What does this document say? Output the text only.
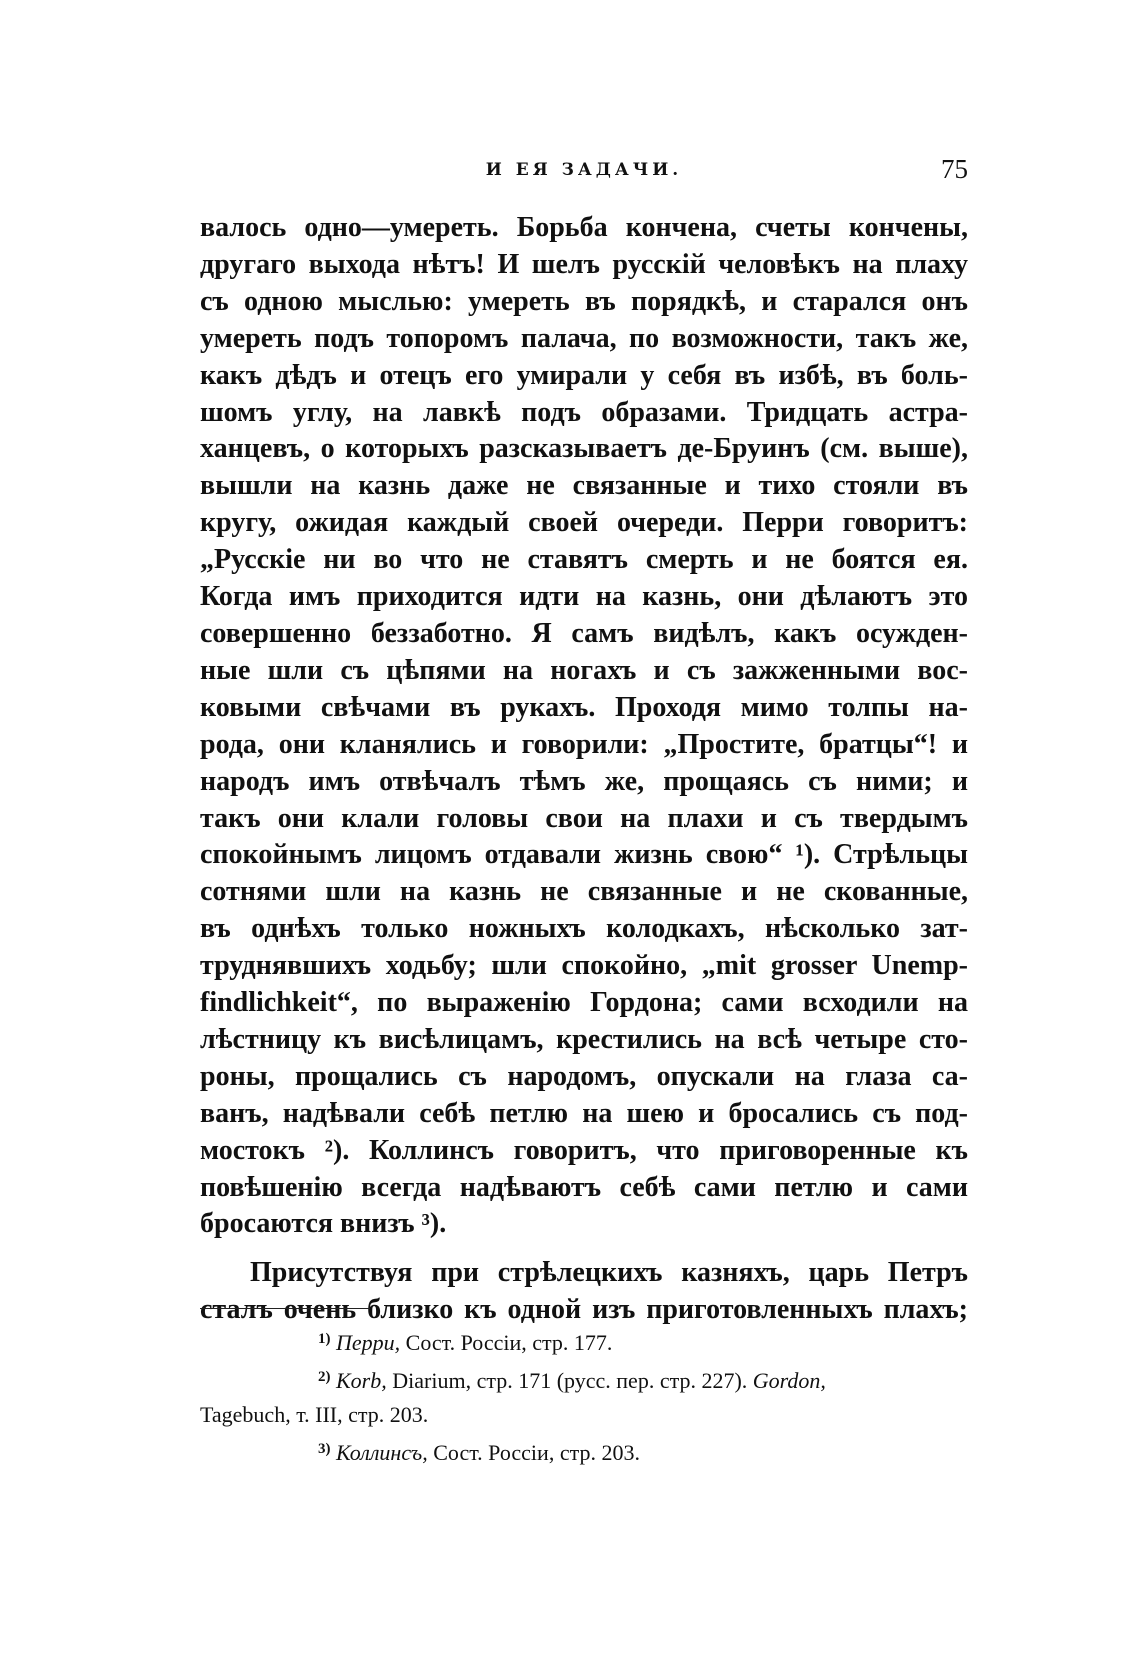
И ЕЯ ЗАДАЧИ.	75
валось одно—умереть. Борьба кончена, счеты кончены,
другаго выхода нѣтъ! И шелъ русскій человѣкъ на плаху
съ одною мыслью: умереть въ порядкѣ, и старался онъ
умереть подъ топоромъ палача, по возможности, такъ же,
какъ дѣдъ и отецъ его умирали у себя въ избѣ, въ боль-
шомъ углу, на лавкѣ подъ образами. Тридцать астра-
ханцевъ, о которыхъ разсказываетъ де-Бруинъ (см. выше),
вышли на казнь даже не связанные и тихо стояли въ
кругу, ожидая каждый своей очереди. Перри говоритъ:
„Русскіе ни во что не ставятъ смерть и не боятся ея.
Когда имъ приходится идти на казнь, они дѣлаютъ это
совершенно беззаботно. Я самъ видѣлъ, какъ осужден-
ные шли съ цѣпями на ногахъ и съ зажженными вос-
ковыми свѣчами въ рукахъ. Проходя мимо толпы на-
рода, они кланялись и говорили: „Простите, братцы“! и
народъ имъ отвѣчалъ тѣмъ же, прощаясь съ ними; и
такъ они клали головы свои на плахи и съ твердымъ
спокойнымъ лицомъ отдавали жизнь свою“ ¹). Стрѣльцы
сотнями шли на казнь не связанные и не скованные,
въ однѣхъ только ножныхъ колодкахъ, нѣсколько зат-
труднявшихъ ходьбу; шли спокойно, „mit grosser Unemp-
findlichkeit“, по выраженію Гордона; сами всходили на
лѣстницу къ висѣлицамъ, крестились на всѣ четыре сто-
роны, прощались съ народомъ, опускали на глаза са-
ванъ, надѣвали себѣ петлю на шею и бросались съ под-
мостокъ ²). Коллинсъ говоритъ, что приговоренные къ
повѣшенію всегда надѣваютъ себѣ сами петлю и сами
бросаются внизъ ³).
Присутствуя при стрѣлецкихъ казняхъ, царь Петръ
сталъ очень близко къ одной изъ приготовленныхъ плахъ;
$^{1)}$ Перри, Сост. Россіи, стр. 177.
$^{2)}$ Korb, Diarium, стр. 171 (русс. пер. стр. 227). Gordon,
Tagebuch, т. III, стр. 203.
$^{3)}$ Коллинсъ, Сост. Россіи, стр. 203.
